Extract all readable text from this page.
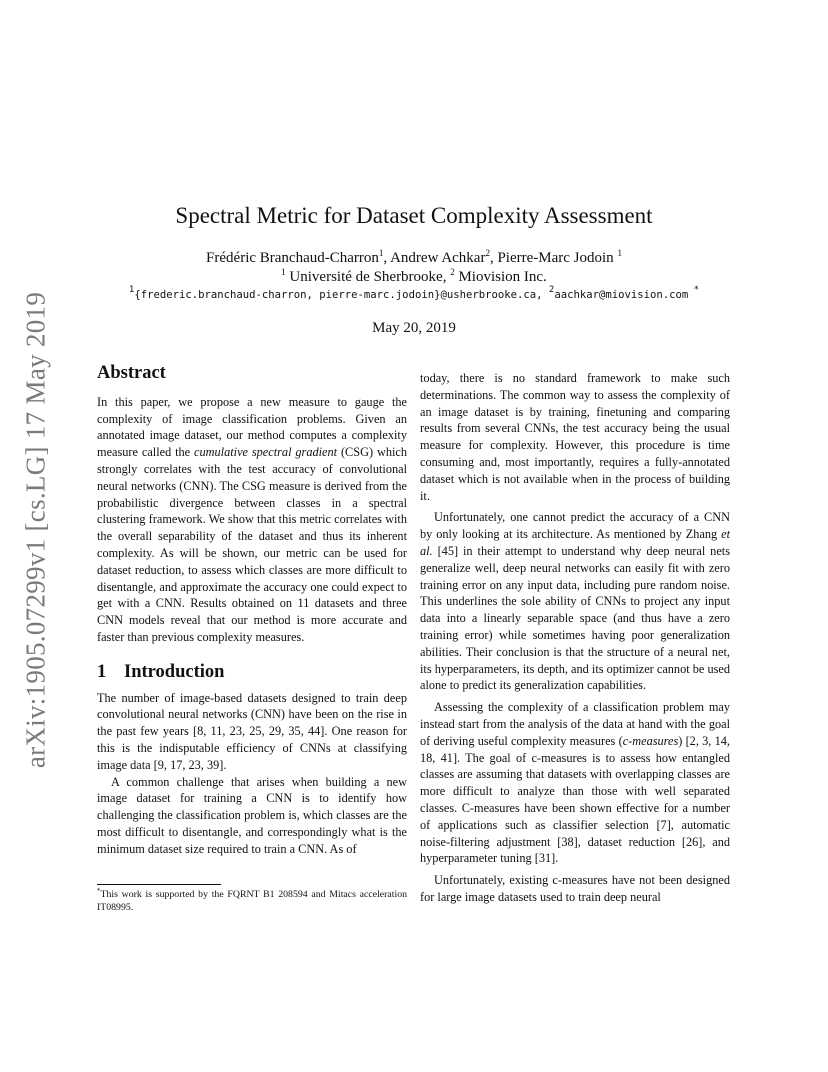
arXiv:1905.07299v1 [cs.LG] 17 May 2019
Spectral Metric for Dataset Complexity Assessment
Frédéric Branchaud-Charron$^1$, Andrew Achkar$^2$, Pierre-Marc Jodoin $^1$
$^1$ Université de Sherbrooke, $^2$ Miovision Inc.
$^1${frederic.branchaud-charron, pierre-marc.jodoin}@usherbrooke.ca, $^2$aachkar@miovision.com *
May 20, 2019
Abstract

In this paper, we propose a new measure to gauge the complexity of image classification problems. Given an annotated image dataset, our method computes a complexity measure called the cumulative spectral gradient (CSG) which strongly correlates with the test accuracy of convolutional neural networks (CNN). The CSG measure is derived from the probabilistic divergence between classes in a spectral clustering framework. We show that this metric correlates with the overall separability of the dataset and thus its inherent complexity. As will be shown, our metric can be used for dataset reduction, to assess which classes are more difficult to disentangle, and approximate the accuracy one could expect to get with a CNN. Results obtained on 11 datasets and three CNN models reveal that our method is more accurate and faster than previous complexity measures.

1 Introduction

The number of image-based datasets designed to train deep convolutional neural networks (CNN) have been on the rise in the past few years [8, 11, 23, 25, 29, 35, 44]. One reason for this is the indisputable efficiency of CNNs at classifying image data [9, 17, 23, 39].

A common challenge that arises when building a new image dataset for training a CNN is to identify how challenging the classification problem is, which classes are the most difficult to disentangle, and correspondingly what is the minimum dataset size required to train a CNN. As of

*This work is supported by the FQRNT B1 208594 and Mitacs acceleration IT08995.

today, there is no standard framework to make such determinations. The common way to assess the complexity of an image dataset is by training, finetuning and comparing results from several CNNs, the test accuracy being the usual measure for complexity. However, this procedure is time consuming and, most importantly, requires a fully-annotated dataset which is not available when in the process of building it.

Unfortunately, one cannot predict the accuracy of a CNN by only looking at its architecture. As mentioned by Zhang et al. [45] in their attempt to understand why deep neural nets generalize well, deep neural networks can easily fit with zero training error on any input data, including pure random noise. This underlines the sole ability of CNNs to project any input data into a linearly separable space (and thus have a zero training error) while sometimes having poor generalization abilities. Their conclusion is that the structure of a neural net, its hyperparameters, its depth, and its optimizer cannot be used alone to predict its generalization capabilities.

Assessing the complexity of a classification problem may instead start from the analysis of the data at hand with the goal of deriving useful complexity measures (c-measures) [2, 3, 14, 18, 41]. The goal of c-measures is to assess how entangled classes are assuming that datasets with overlapping classes are more difficult to analyze than those with well separated classes. C-measures have been shown effective for a number of applications such as classifier selection [7], automatic noise-filtering adjustment [38], dataset reduction [26], and hyperparameter tuning [31].

Unfortunately, existing c-measures have not been designed for large image datasets used to train deep neural
